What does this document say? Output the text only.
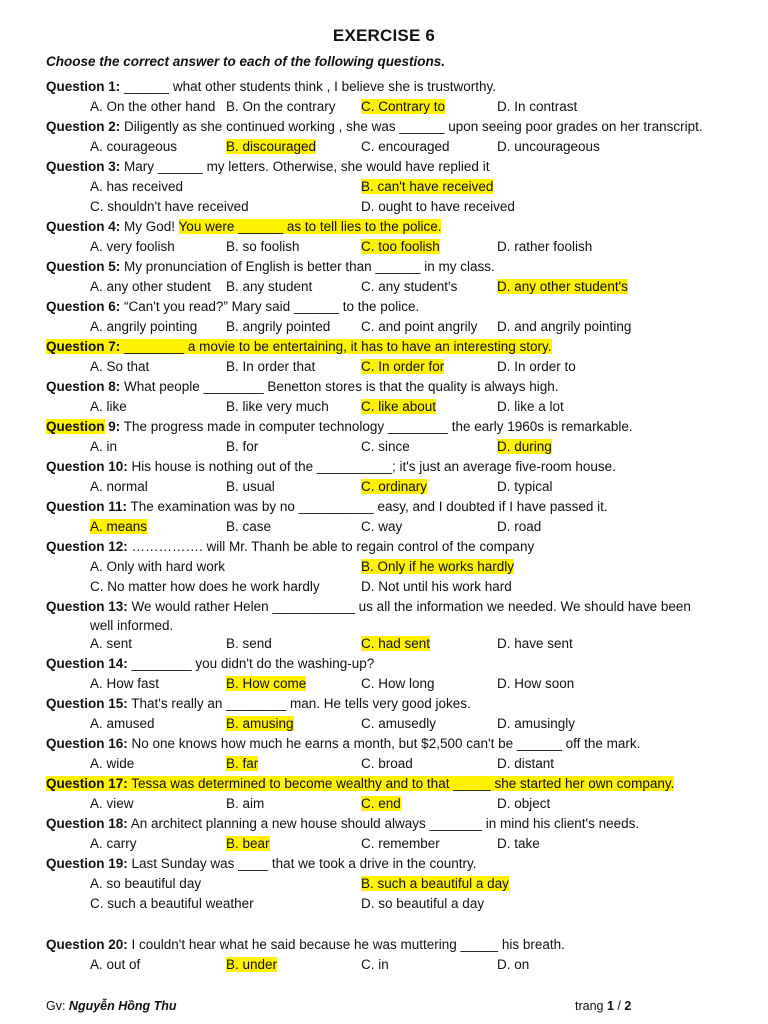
EXERCISE 6
Choose the correct answer to each of the following questions.
Question 1: ______ what other students think , I believe she is trustworthy.
A. On the other hand B. On the contrary C. Contrary to	D. In contrast
Question 2: Diligently as she continued working , she was ______ upon seeing poor grades on her transcript.
A. courageous	B. discouraged	C. encouraged	D. uncourageous
Question 3: Mary ______ my letters. Otherwise, she would have replied it
A. has received	B. can't have received
C. shouldn't have received	D. ought to have received
Question 4: My God! You were ______ as to tell lies to the police.
A. very foolish	B. so foolish	C. too foolish	D. rather foolish
Question 5: My pronunciation of English is better than ______ in my class.
A. any other student B. any student	C. any student's	D. any other student's
Question 6: “Can't you read?” Mary said ______ to the police.
A. angrily pointing B. angrily pointed C. and point angrily D. and angrily pointing
Question 7: ________ a movie to be entertaining, it has to have an interesting story.
A. So that	B. In order that	C. In order for	D. In order to
Question 8: What people ________ Benetton stores is that the quality is always high.
A. like	B. like very much C. like about	D. like a lot
Question 9: The progress made in computer technology ________ the early 1960s is remarkable.
A. in	B. for	C. since	D. during
Question 10: His house is nothing out of the __________; it's just an average five-room house.
A. normal	B. usual	C. ordinary	D. typical
Question 11: The examination was by no __________ easy, and I doubted if I have passed it.
A. means	B. case	C. way	D. road
Question 12: ……………. will Mr. Thanh be able to regain control of the company
A. Only with hard work	B. Only if he works hardly
C. No matter how does he work hardly	D. Not until his work hard
Question 13: We would rather Helen ___________ us all the information we needed. We should have been
well informed.
A. sent	B. send	C. had sent	D. have sent
Question 14: ________ you didn't do the washing-up?
A. How fast	B. How come	C. How long	D. How soon
Question 15: That's really an ________ man. He tells very good jokes.
A. amused	B. amusing	C. amusedly	D. amusingly
Question 16: No one knows how much he earns a month, but $2,500 can't be ______ off the mark.
A. wide	B. far	C. broad	D. distant
Question 17: Tessa was determined to become wealthy and to that _____ she started her own company.
A. view	B. aim	C. end	D. object
Question 18: An architect planning a new house should always _______ in mind his client's needs.
A. carry	B. bear	C. remember	D. take
Question 19: Last Sunday was ____ that we took a drive in the country.
A. so beautiful day	B. such a beautiful a day
C. such a beautiful weather	D. so beautiful a day
Question 20: I couldn't hear what he said because he was muttering _____ his breath.
A. out of	B. under	C. in	D. on
Gv: Nguyễn Hồng Thu	trang 1 / 2
